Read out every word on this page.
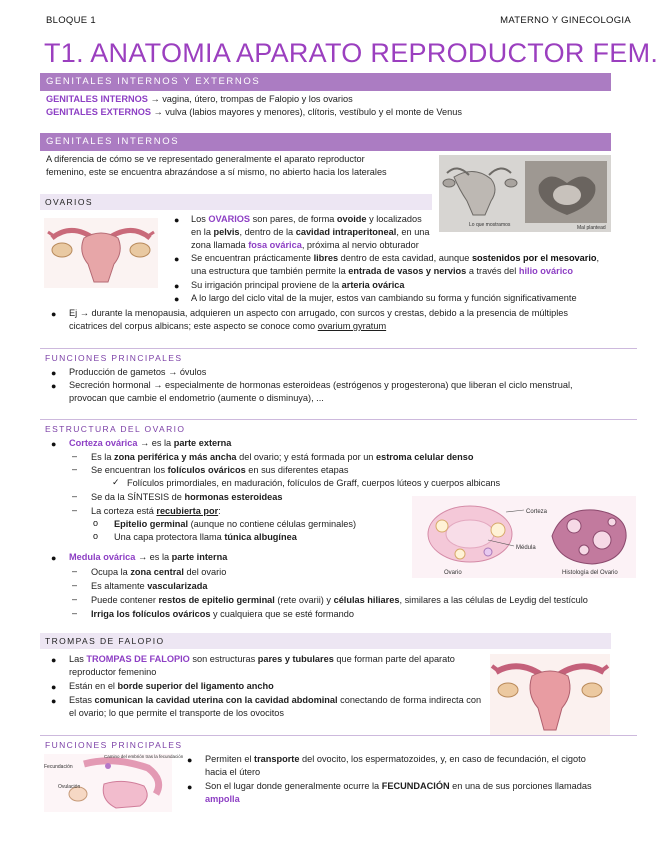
BLOQUE 1	MATERNO Y GINECOLOGIA
T1. ANATOMIA APARATO REPRODUCTOR FEM.
GENITALES INTERNOS Y EXTERNOS
GENITALES INTERNOS → vagina, útero, trompas de Falopio y los ovarios
GENITALES EXTERNOS → vulva (labios mayores y menores), clítoris, vestíbulo y el monte de Venus
GENITALES INTERNOS
A diferencia de cómo se ve representado generalmente el aparato reproductor
femenino, este se encuentra abrazándose a sí mismo, no abierto hacia los laterales
Lo que mostramos	Mal plantead
OVARIOS
● Los OVARIOS son pares, de forma ovoide y localizados
en la pelvis, dentro de la cavidad intraperitoneal, en una
zona llamada fosa ovárica, próxima al nervio obturador
● Se encuentran prácticamente libres dentro de esta cavidad, aunque sostenidos por el mesovario,
una estructura que también permite la entrada de vasos y nervios a través del hilio ovárico
● Su irrigación principal proviene de la arteria ovárica
● A lo largo del ciclo vital de la mujer, estos van cambiando su forma y función significativamente
● Ej → durante la menopausia, adquieren un aspecto con arrugado, con surcos y crestas, debido a la presencia de múltiples
cicatrices del corpus albicans; este aspecto se conoce como ovarium gyratum
FUNCIONES PRINCIPALES
● Producción de gametos → óvulos
● Secreción hormonal → especialmente de hormonas esteroideas (estrógenos y progesterona) que liberan el ciclo menstrual,
provocan que cambie el endometrio (aumente o disminuya), ...
ESTRUCTURA DEL OVARIO
● Corteza ovárica → es la parte externa
– Es la zona periférica y más ancha del ovario; y está formada por un estroma celular denso
– Se encuentran los folículos ováricos en sus diferentes etapas
✓ Folículos primordiales, en maduración, folículos de Graff, cuerpos lúteos y cuerpos albicans
– Se da la SÍNTESIS de hormonas esteroideas
– La corteza está recubierta por:
o Epitelio germinal (aunque no contiene células germinales)
o Una capa protectora llama túnica albugínea
Corteza
Médula
Ovario	Histología del Ovario
● Medula ovárica → es la parte interna
– Ocupa la zona central del ovario
– Es altamente vascularizada
– Puede contener restos de epitelio germinal (rete ovarii) y células hiliares, similares a las células de Leydig del testículo
– Irriga los folículos ováricos y cualquiera que se esté formando
TROMPAS DE FALOPIO
● Las TROMPAS DE FALOPIO son estructuras pares y tubulares que forman parte del aparato
reproductor femenino
● Están en el borde superior del ligamento ancho
● Estas comunican la cavidad uterina con la cavidad abdominal conectando de forma indirecta con
el ovario; lo que permite el transporte de los ovocitos
FUNCIONES PRINCIPALES
Fecundación
Camino del embrión tras la fecundación
Ovulación
● Permiten el transporte del ovocito, los espermatozoides, y, en caso de fecundación, el cigoto
hacia el útero
● Son el lugar donde generalmente ocurre la FECUNDACIÓN en una de sus porciones llamadas
ampolla
